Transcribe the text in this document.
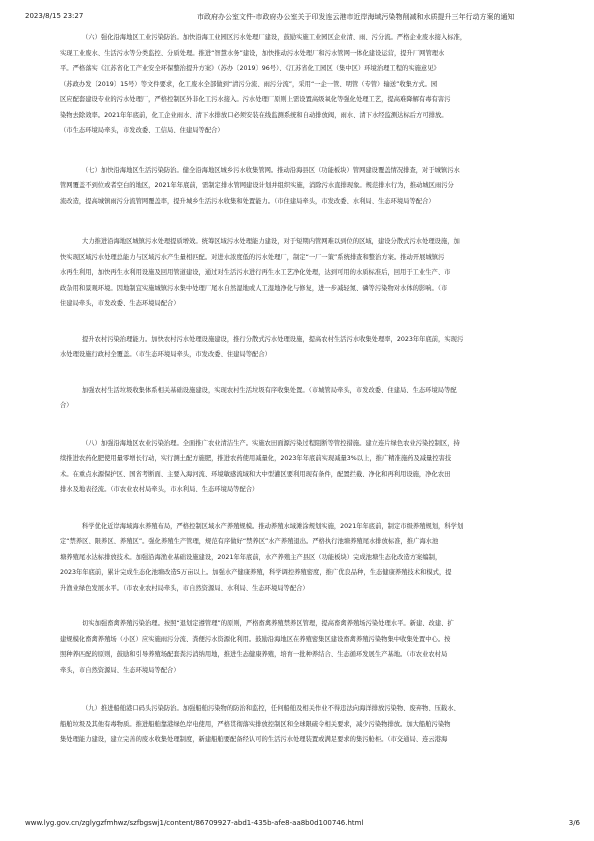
2023/8/15 23:27	市政府办公室文件-市政府办公室关于印发连云港市近岸海域污染物削减和水质提升三年行动方案的通知
（六）强化沿海地区工业污染防治。加快沿海工业园区污水处理厂建设，鼓励实施工业园区企业清、雨、污分流。严格企业废水接入标准，
实现工业废水、生活污水等分类监控、分质处理。推进“智慧水务”建设，加快推动污水处理厂和污水管网一体化建设运营，提升厂网管理水
平。严格落实《江苏省化工产业安全环保整治提升方案》（苏办〔2019〕96号）、《江苏省化工园区（集中区）环境治理工程的实施意见》
（苏政办发〔2019〕15号）等文件要求，化工废水全部做到“清污分流、雨污分流”，采用“一企一管、明管（专管）输送”收集方式。园
区应配套建设专业的污水处理厂，严格控制区外非化工污水接入。污水处理厂原则上需设置高级氧化等强化处理工艺，提高难降解有毒有害污
染物去除效率。2021年年底前，化工企业雨水、清下水排放口必须安装在线监测系统和自动排放阀，雨水、清下水经监测达标后方可排放。
（市生态环境局牵头，市发改委、工信局、住建局等配合）
（七）加快沿海地区生活污染防治。健全沿海地区城乡污水收集管网。推动沿海县区（功能板块）管网建设覆盖情况排查，对于城镇污水
管网覆盖不到位或者空白的地区，2021年年底前，需制定排水管网建设计划并组织实施，消除污水直排现象。规范排水行为，推动城区雨污分
流改造，提高城镇雨污分流管网覆盖率，提升城乡生活污水收集和处置能力。（市住建局牵头，市发改委、水利局、生态环境局等配合）
大力推进沿海地区城镇污水处理提质增效。统筹区域污水处理能力建设，对于短期内管网难以到位的区域，建设分散式污水处理设施，加
快实现区域污水处理总能力与区域污水产生量相匹配。对进水浓度低的污水处理厂，制定“一厂一策”系统排查和整治方案。推动开展城镇污
水再生利用，加快再生水利用设施及回用管道建设，通过对生活污水进行再生水工艺净化处理，达到可用的水质标准后，回用于工业生产、市
政杂用和景观环境。因地制宜实施城镇污水集中处理厂尾水自然湿地或人工湿地净化与修复，进一步减轻氮、磷等污染物对水体的影响。（市
住建局牵头，市发改委、生态环境局配合）
提升农村污染治理能力。加快农村污水处理设施建设，推行分散式污水处理设施，提高农村生活污水收集处理率，2023年年底前，实现污
水处理设施行政村全覆盖。（市生态环境局牵头，市发改委、住建局等配合）
加强农村生活垃圾收集体系相关基础设施建设，实现农村生活垃圾有序收集处置。（市城管局牵头，市发改委、住建局、生态环境局等配
合）
（八）加强沿海地区农业污染治理。全面推广农业清洁生产。实施农田面源污染过程阻断等管控措施。建立连片绿色农业污染控制区，持
续推进农药化肥使用量零增长行动，实行测土配方施肥，推进农药使用减量化，2023年年底前实现减量3%以上，推广精准施药及减量控害技
术。在重点水源保护区、国省考断面、主要入海河流、环境敏感流域和大中型灌区要利用现有条件，配置拦截、净化和再利用设施，净化农田
排水及地表径流。（市农业农村局牵头，市水利局、生态环境局等配合）
科学优化近岸海域海水养殖布局，严格控制区域水产养殖规模。推动养殖水域滩涂规划实施，2021年年底前，制定市级养殖规划，科学划
定“禁养区、限养区、养殖区”。强化养殖生产管理，规范有序做好“禁养区”水产养殖退出。严格执行池塘养殖尾水排放标准，推广海水池
塘养殖尾水达标排放技术。加强沿海渔业基础设施建设，2021年年底前，水产养殖主产县区（功能板块）完成池塘生态化改造方案编制，
2023年年底前，累计完成生态化池塘改造5万亩以上。加强水产健康养殖，科学调控养殖密度，推广优良品种，生态健康养殖技术和模式，提
升渔业绿色发展水平。（市农业农村局牵头，市自然资源局、水利局、生态环境局等配合）
切实加强畜禽养殖污染治理。按照“退划定遵管理”的原则，严格畜禽养殖禁养区管理，提高畜禽养殖场污染处理水平。新建、改建、扩
建规模化畜禽养殖场（小区）应实施雨污分流、粪便污水资源化利用。鼓励沿海地区在养殖密集区建设畜禽养殖污染物集中收集处置中心。按
照种养匹配的原则，鼓励和引导养殖场配套粪污消纳用地，推进生态健康养殖，培育一批种养结合、生态循环发展生产基地。（市农业农村局
牵头，市自然资源局、生态环境局等配合）
（九）推进船舶港口码头污染防治。加强船舶污染物的防治和监控，任何船舶及相关作业不得违法向海洋排放污染物、废弃物、压载水、
船舶垃圾及其他有毒物质。推进船舶靠港绿色岸电使用，严格贯彻落实排放控制区和全球限硫令相关要求，减少污染物排放。加大船舶污染物
集处理能力建设，建立完善的废水收集处理制度，新建船舶要配备经认可的生活污水处理装置或满足要求的集污舱柜。（市交通局、连云港海
www.lyg.gov.cn/zglygzfmhwz/szfbgswj1/content/86709927-abd1-435b-afe8-aa8b0d100746.html	3/6
